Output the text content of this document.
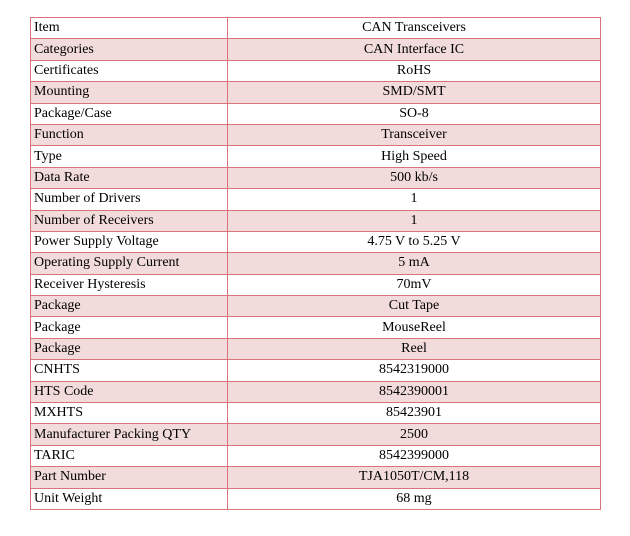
Item	CAN Transceivers
Categories	CAN Interface IC
Certificates	RoHS
Mounting	SMD/SMT
Package/Case	SO-8
Function	Transceiver
Type	High Speed
Data Rate	500 kb/s
Number of Drivers	1
Number of Receivers	1
Power Supply Voltage	4.75 V to 5.25 V
Operating Supply Current	5 mA
Receiver Hysteresis	70mV
Package	Cut Tape
Package	MouseReel
Package	Reel
CNHTS	8542319000
HTS Code	8542390001
MXHTS	85423901
Manufacturer Packing QTY	2500
TARIC	8542399000
Part Number	TJA1050T/CM,118
Unit Weight	68 mg
